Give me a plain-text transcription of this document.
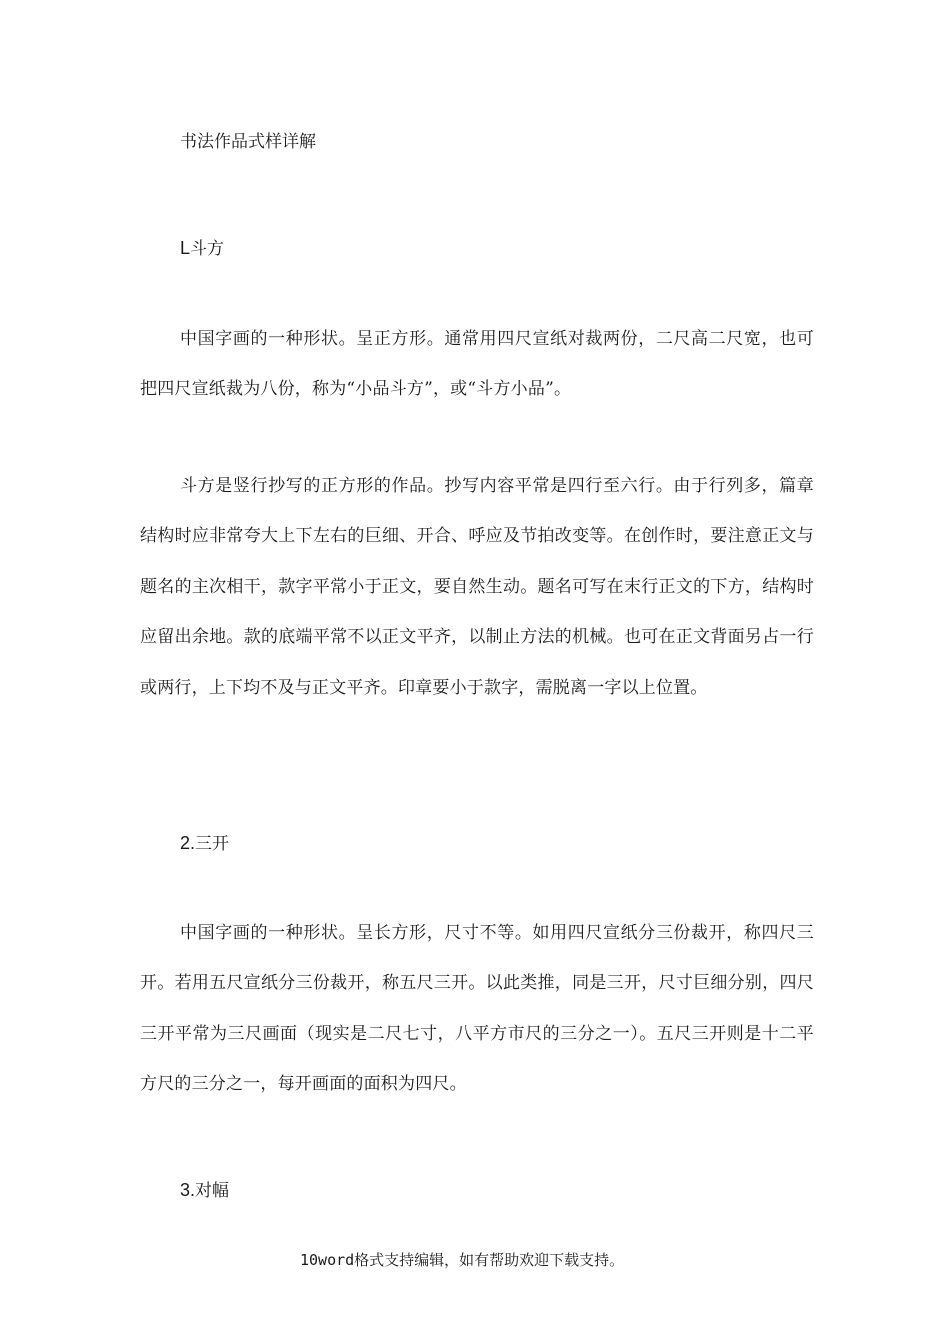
书法作品式样详解
L斗方
中国字画的一种形状。呈正方形。通常用四尺宣纸对裁两份，二尺高二尺宽，也可把四尺宣纸裁为八份，称为“小品斗方”，或“斗方小品”。
斗方是竖行抄写的正方形的作品。抄写内容平常是四行至六行。由于行列多，篇章结构时应非常夸大上下左右的巨细、开合、呼应及节拍改变等。在创作时，要注意正文与题名的主次相干，款字平常小于正文，要自然生动。题名可写在末行正文的下方，结构时应留出余地。款的底端平常不以正文平齐，以制止方法的机械。也可在正文背面另占一行或两行，上下均不及与正文平齐。印章要小于款字，需脱离一字以上位置。
2.三开
中国字画的一种形状。呈长方形，尺寸不等。如用四尺宣纸分三份裁开，称四尺三开。若用五尺宣纸分三份裁开，称五尺三开。以此类推，同是三开，尺寸巨细分别，四尺三开平常为三尺画面（现实是二尺七寸，八平方市尺的三分之一）。五尺三开则是十二平方尺的三分之一，每开画面的面积为四尺。
3.对幅
10word格式支持编辑，如有帮助欢迎下载支持。
